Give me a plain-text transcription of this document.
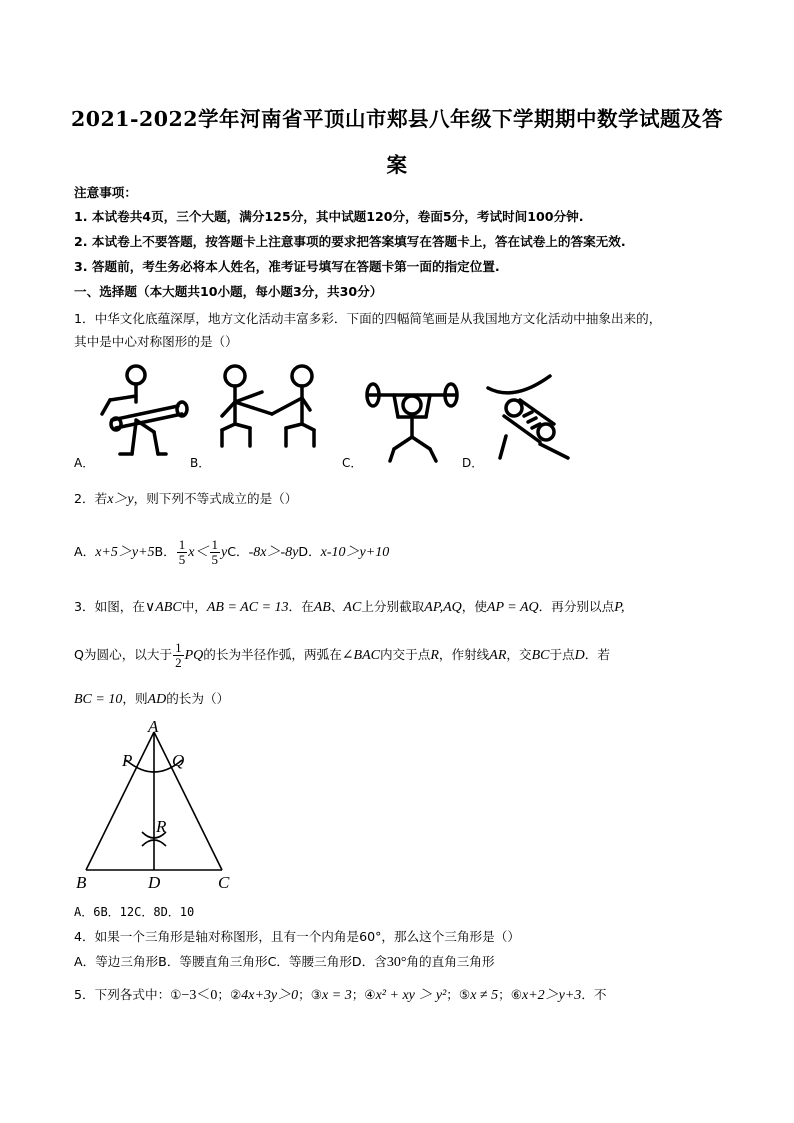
2021-2022学年河南省平顶山市郏县八年级下学期期中数学试题及答
案
注意事项：
1. 本试卷共4页，三个大题，满分125分，其中试题120分，卷面5分，考试时间100分钟.
2. 本试卷上不要答题，按答题卡上注意事项的要求把答案填写在答题卡上，答在试卷上的答案无效.
3. 答题前，考生务必将本人姓名，准考证号填写在答题卡第一面的指定位置.
一、选择题（本大题共10小题，每小题3分，共30分）
1．中华文化底蕴深厚，地方文化活动丰富多彩．下面的四幅简笔画是从我国地方文化活动中抽象出来的，
其中是中心对称图形的是（）
A．	B．	C．	D．
2．若x＞y，则下列不等式成立的是（）
A．x+5＞y+5B． $\frac{1}{5} x< \frac{1}{5}$ yC．-8x＞-8yD．x-10＞y+10
3．如图，在∨ABC中，AB = AC = 13．在AB、AC上分别截取AP,AQ，使AP = AQ．再分别以点P,
Q为圆心，以大于 $\frac{1}{2}$ PQ的长为半径作弧，两弧在∠BAC内交于点R，作射线AR，交BC于点D．若
BC = 10，则AD的长为（）
A
P Q
R
B	D	C
A．6B．12C．8D．10
4．如果一个三角形是轴对称图形，且有一个内角是60°，那么这个三角形是（）
A．等边三角形B．等腰直角三角形C．等腰三角形D．含30°角的直角三角形
5．下列各式中：①−3＜0；②4x+3y＞0；③x = 3；④x² + xy ＞ y²；⑤x ≠ 5；⑥x+2＞y+3．不
